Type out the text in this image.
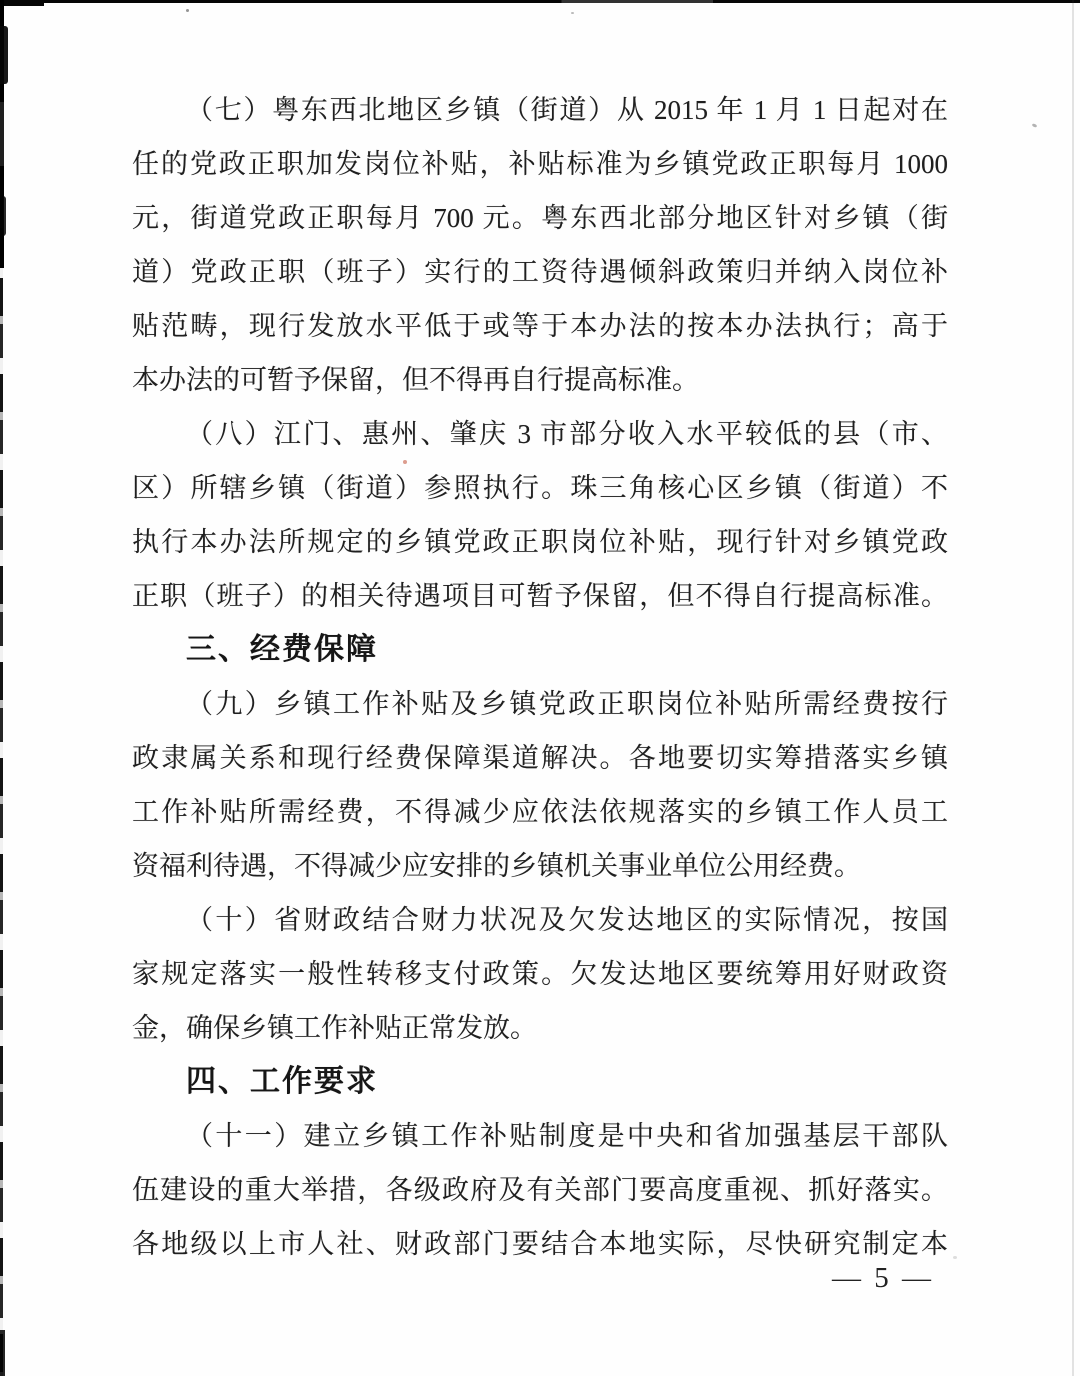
（七）粤东西北地区乡镇（街道）从 2015 年 1 月 1 日起对在
任的党政正职加发岗位补贴，补贴标准为乡镇党政正职每月 1000
元，街道党政正职每月 700 元。粤东西北部分地区针对乡镇（街
道）党政正职（班子）实行的工资待遇倾斜政策归并纳入岗位补
贴范畴，现行发放水平低于或等于本办法的按本办法执行；高于
本办法的可暂予保留，但不得再自行提高标准。
（八）江门、惠州、肇庆 3 市部分收入水平较低的县（市、
区）所辖乡镇（街道）参照执行。珠三角核心区乡镇（街道）不
执行本办法所规定的乡镇党政正职岗位补贴，现行针对乡镇党政
正职（班子）的相关待遇项目可暂予保留，但不得自行提高标准。
三、经费保障
（九）乡镇工作补贴及乡镇党政正职岗位补贴所需经费按行
政隶属关系和现行经费保障渠道解决。各地要切实筹措落实乡镇
工作补贴所需经费，不得减少应依法依规落实的乡镇工作人员工
资福利待遇，不得减少应安排的乡镇机关事业单位公用经费。
（十）省财政结合财力状况及欠发达地区的实际情况，按国
家规定落实一般性转移支付政策。欠发达地区要统筹用好财政资
金，确保乡镇工作补贴正常发放。
四、工作要求
（十一）建立乡镇工作补贴制度是中央和省加强基层干部队
伍建设的重大举措，各级政府及有关部门要高度重视、抓好落实。
各地级以上市人社、财政部门要结合本地实际，尽快研究制定本
— 5 —
